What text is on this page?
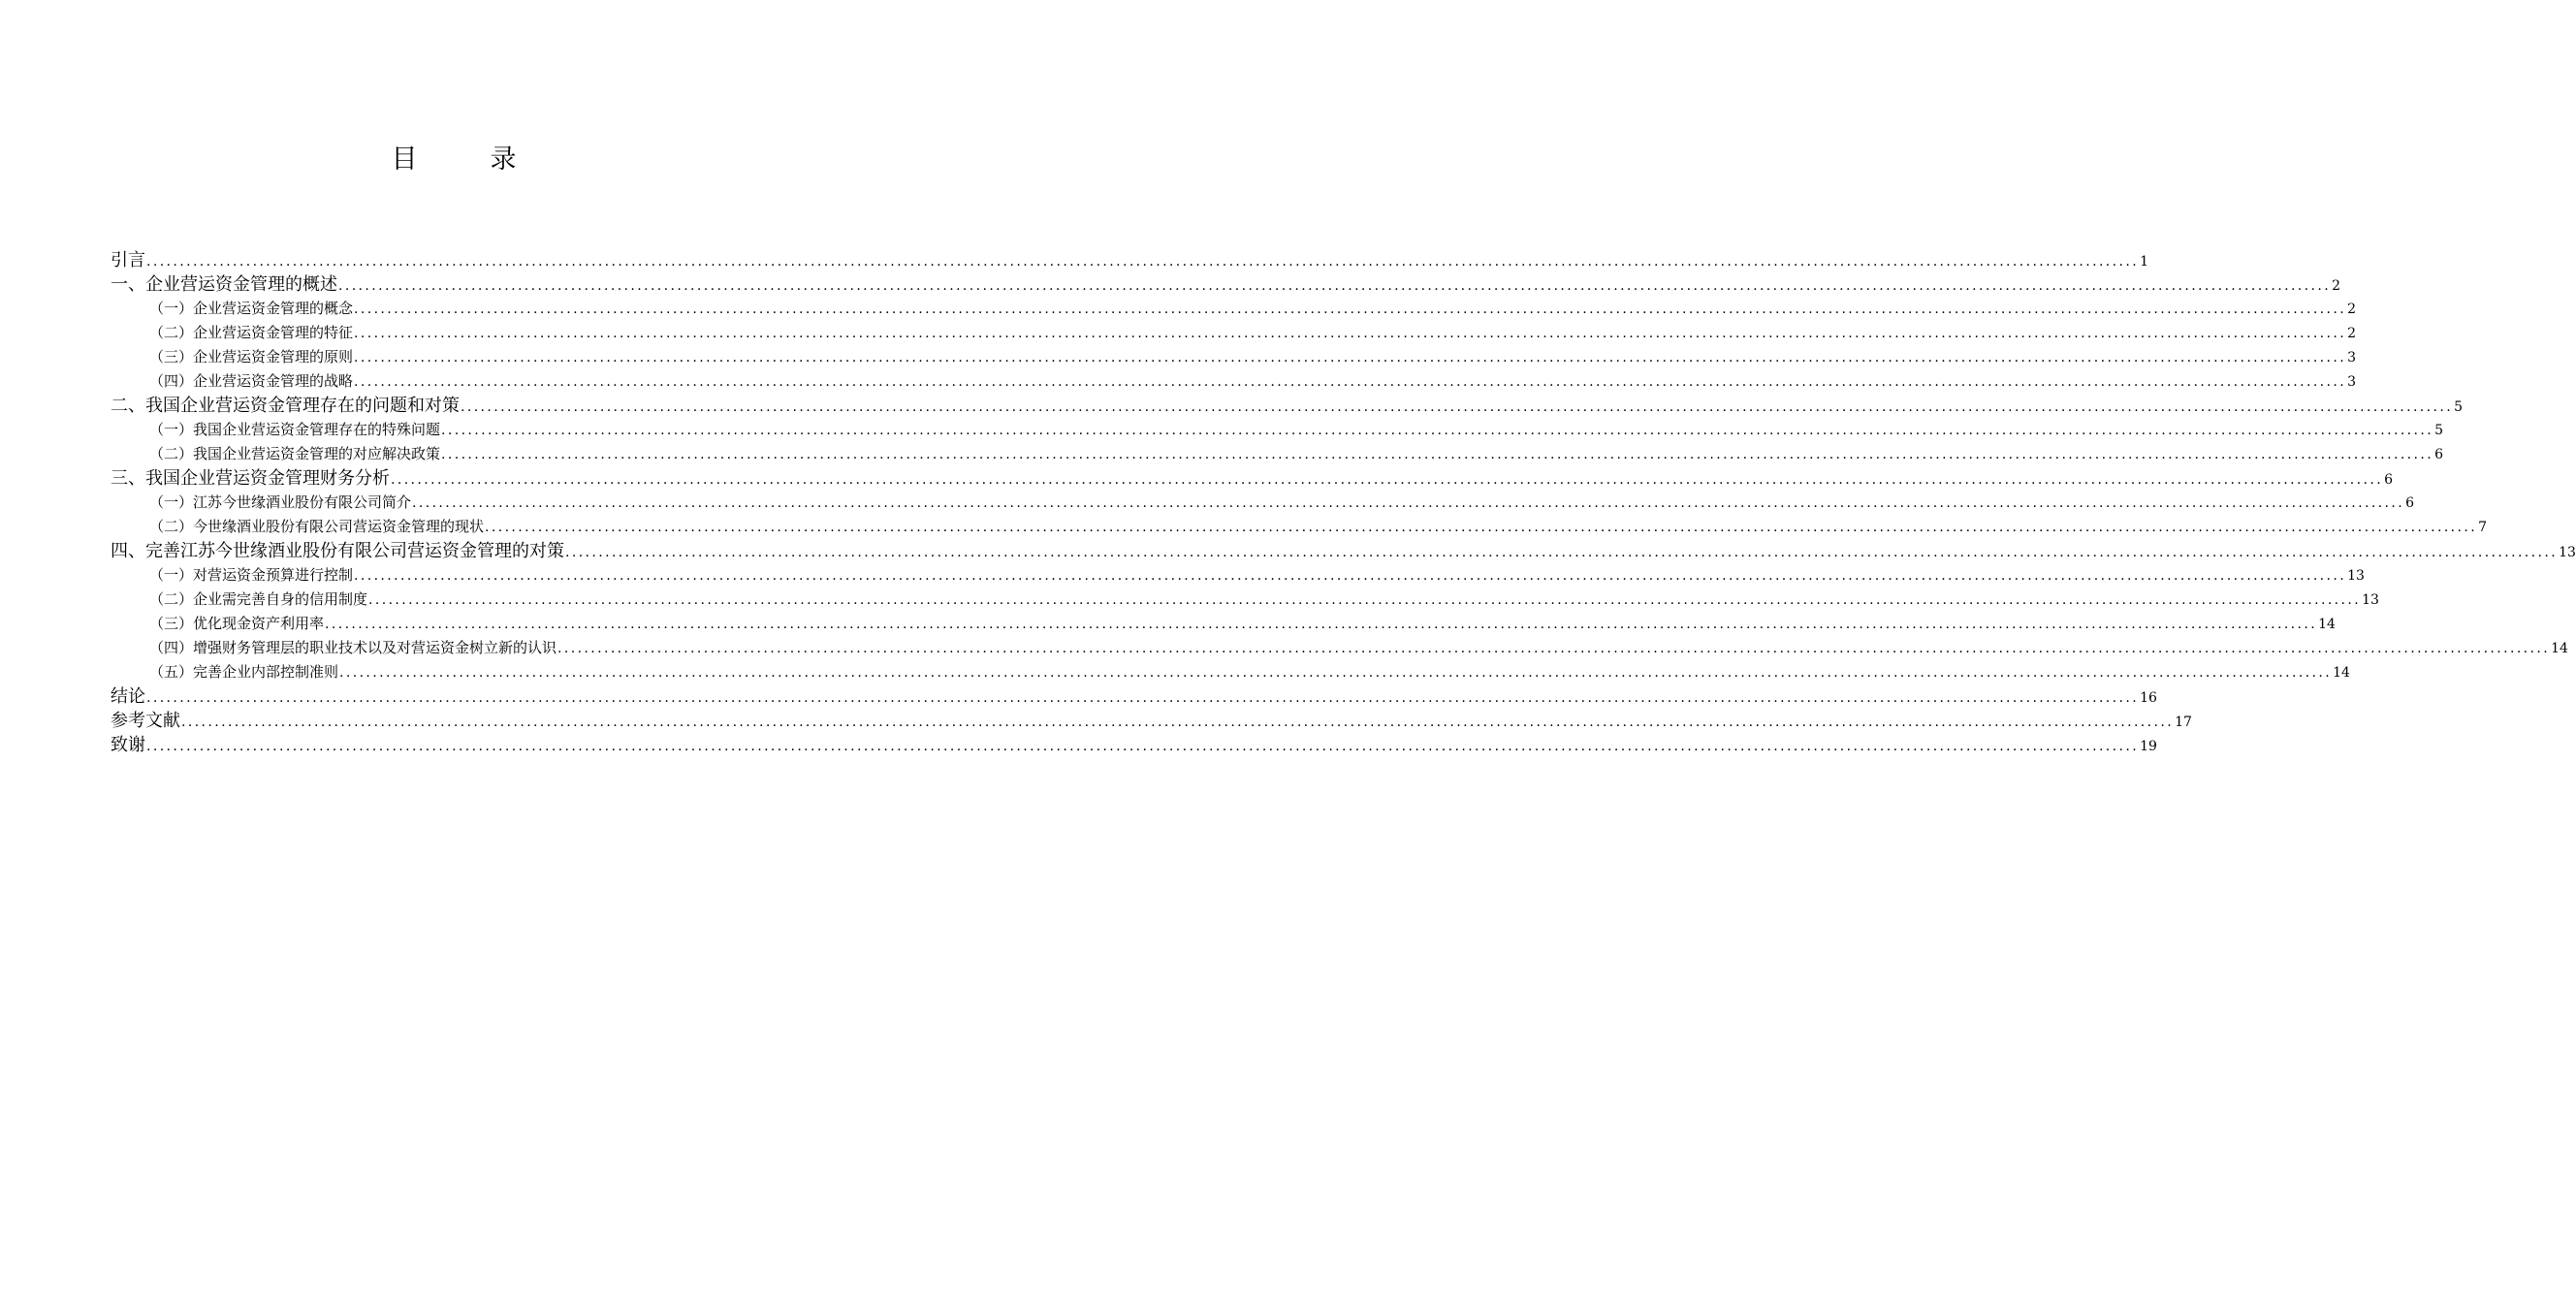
目　录
引言 ............................................................................................................................................................................................................................................................................................................ 1
一、企业营运资金管理的概述 ............................................................................................................................................................................................................................................................................................................ 2
（一）企业营运资金管理的概念 ............................................................................................................................................................................................................................................................................................................ 2
（二）企业营运资金管理的特征 ............................................................................................................................................................................................................................................................................................................ 2
（三）企业营运资金管理的原则 ............................................................................................................................................................................................................................................................................................................ 3
（四）企业营运资金管理的战略 ............................................................................................................................................................................................................................................................................................................ 3
二、我国企业营运资金管理存在的问题和对策 ............................................................................................................................................................................................................................................................................................................ 5
（一）我国企业营运资金管理存在的特殊问题 ............................................................................................................................................................................................................................................................................................................ 5
（二）我国企业营运资金管理的对应解决政策 ............................................................................................................................................................................................................................................................................................................ 6
三、我国企业营运资金管理财务分析 ............................................................................................................................................................................................................................................................................................................ 6
（一）江苏今世缘酒业股份有限公司简介 ............................................................................................................................................................................................................................................................................................................ 6
（二）今世缘酒业股份有限公司营运资金管理的现状 ............................................................................................................................................................................................................................................................................................................ 7
四、完善江苏今世缘酒业股份有限公司营运资金管理的对策 ............................................................................................................................................................................................................................................................................................................ 13
（一）对营运资金预算进行控制 ............................................................................................................................................................................................................................................................................................................ 13
（二）企业需完善自身的信用制度 ............................................................................................................................................................................................................................................................................................................ 13
（三）优化现金资产利用率 ............................................................................................................................................................................................................................................................................................................ 14
（四）增强财务管理层的职业技术以及对营运资金树立新的认识 ............................................................................................................................................................................................................................................................................................................ 14
（五）完善企业内部控制准则 ............................................................................................................................................................................................................................................................................................................ 14
结论 ............................................................................................................................................................................................................................................................................................................ 16
参考文献 ............................................................................................................................................................................................................................................................................................................ 17
致谢 ............................................................................................................................................................................................................................................................................................................ 19
